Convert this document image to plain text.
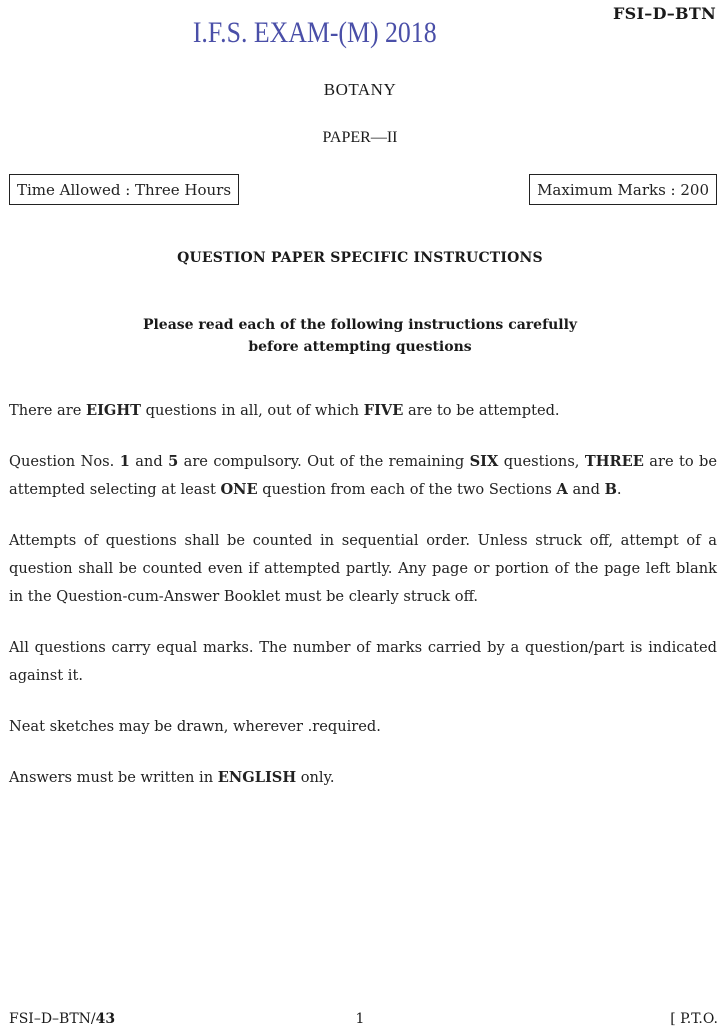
I.F.S. EXAM-(M) 2018
FSI–D–BTN
BOTANY
PAPER—II
Time Allowed : Three Hours	Maximum Marks : 200
QUESTION PAPER SPECIFIC INSTRUCTIONS
Please read each of the following instructions carefully
before attempting questions
There are EIGHT questions in all, out of which FIVE are to be attempted.
Question Nos. 1 and 5 are compulsory. Out of the remaining SIX questions, THREE are to be attempted selecting at least ONE question from each of the two Sections A and B.
Attempts of questions shall be counted in sequential order. Unless struck off, attempt of a question shall be counted even if attempted partly. Any page or portion of the page left blank in the Question-cum-Answer Booklet must be clearly struck off.
All questions carry equal marks. The number of marks carried by a question/part is indicated against it.
Neat sketches may be drawn, wherever .required.
Answers must be written in ENGLISH only.
FSI–D–BTN/43	1	[ P.T.O.
